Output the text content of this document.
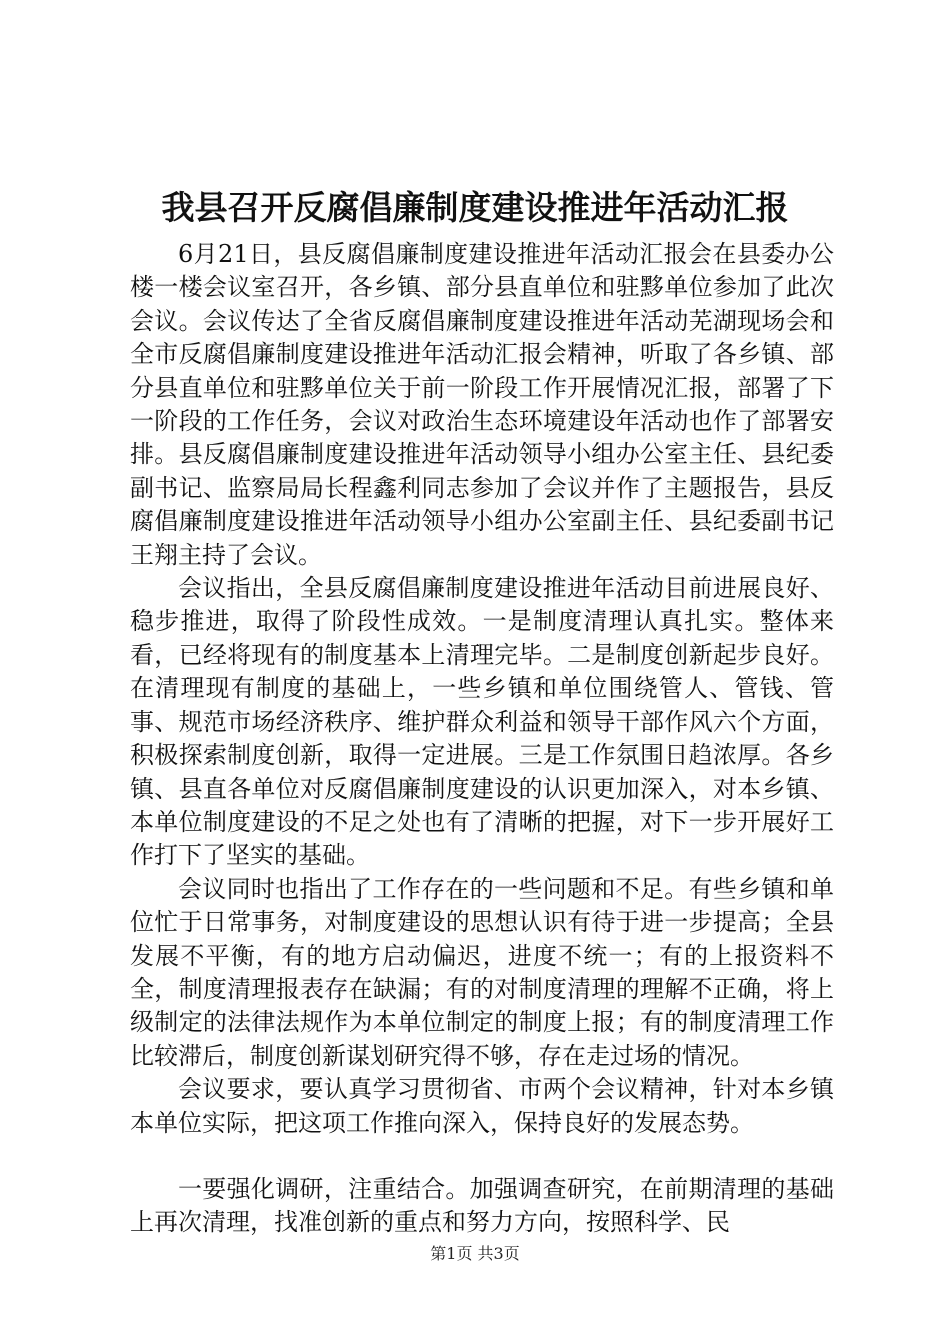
我县召开反腐倡廉制度建设推进年活动汇报

6月21日，县反腐倡廉制度建设推进年活动汇报会在县委办公楼一楼会议室召开，各乡镇、部分县直单位和驻黟单位参加了此次会议。会议传达了全省反腐倡廉制度建设推进年活动芜湖现场会和全市反腐倡廉制度建设推进年活动汇报会精神，听取了各乡镇、部分县直单位和驻黟单位关于前一阶段工作开展情况汇报，部署了下一阶段的工作任务，会议对政治生态环境建设年活动也作了部署安排。县反腐倡廉制度建设推进年活动领导小组办公室主任、县纪委副书记、监察局局长程鑫利同志参加了会议并作了主题报告，县反腐倡廉制度建设推进年活动领导小组办公室副主任、县纪委副书记王翔主持了会议。

会议指出，全县反腐倡廉制度建设推进年活动目前进展良好、稳步推进，取得了阶段性成效。一是制度清理认真扎实。整体来看，已经将现有的制度基本上清理完毕。二是制度创新起步良好。在清理现有制度的基础上，一些乡镇和单位围绕管人、管钱、管事、规范市场经济秩序、维护群众利益和领导干部作风六个方面，积极探索制度创新，取得一定进展。三是工作氛围日趋浓厚。各乡镇、县直各单位对反腐倡廉制度建设的认识更加深入，对本乡镇、本单位制度建设的不足之处也有了清晰的把握，对下一步开展好工作打下了坚实的基础。

会议同时也指出了工作存在的一些问题和不足。有些乡镇和单位忙于日常事务，对制度建设的思想认识有待于进一步提高；全县发展不平衡，有的地方启动偏迟，进度不统一；有的上报资料不全，制度清理报表存在缺漏；有的对制度清理的理解不正确，将上级制定的法律法规作为本单位制定的制度上报；有的制度清理工作比较滞后，制度创新谋划研究得不够，存在走过场的情况。

会议要求，要认真学习贯彻省、市两个会议精神，针对本乡镇本单位实际，把这项工作推向深入，保持良好的发展态势。

一要强化调研，注重结合。加强调查研究，在前期清理的基础上再次清理，找准创新的重点和努力方向，按照科学、民

第1页 共3页
